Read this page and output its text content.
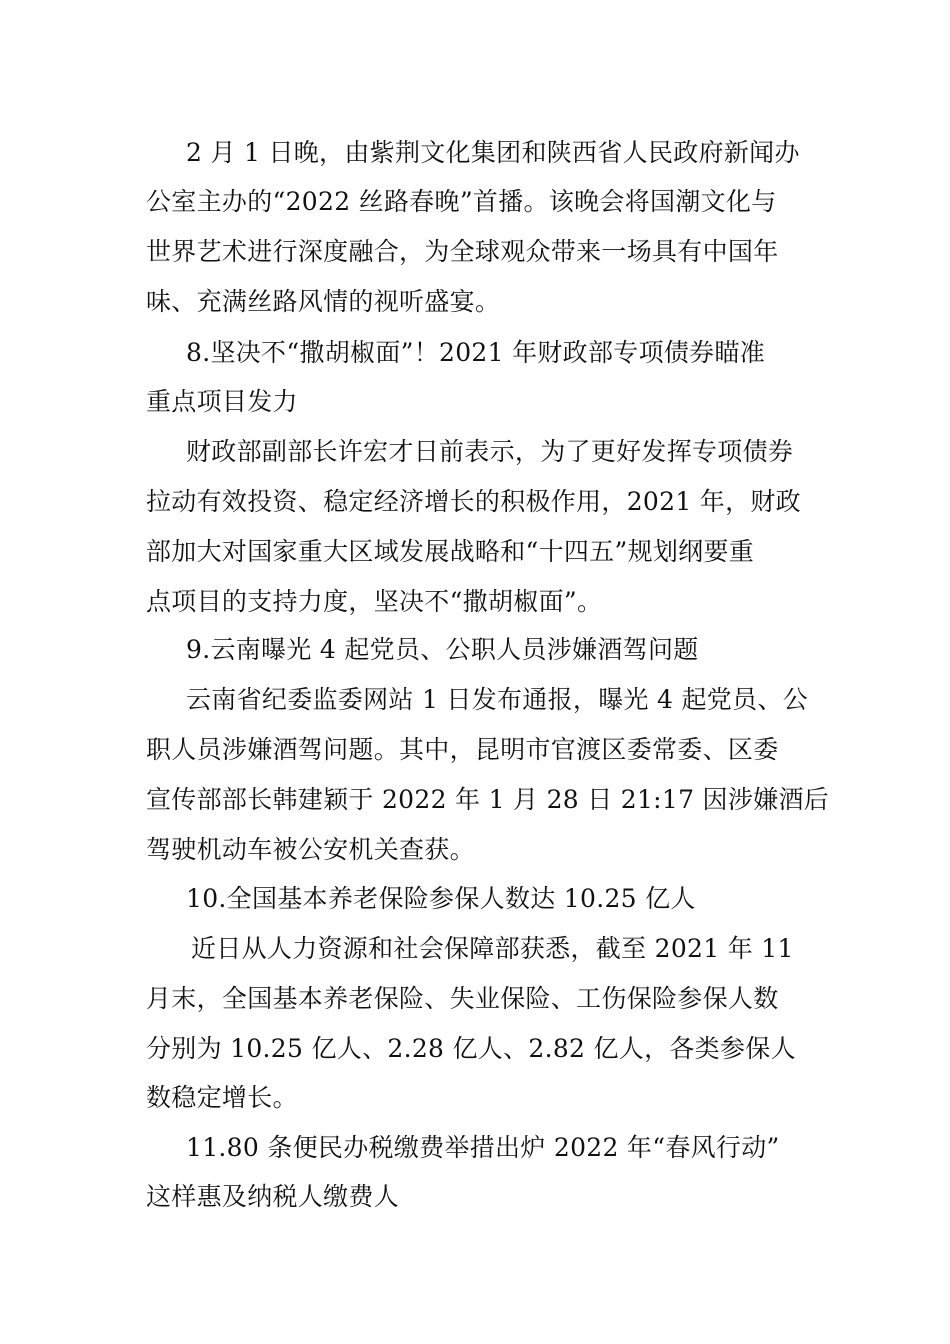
2 月 1 日晚，由紫荆文化集团和陕西省人民政府新闻办
公室主办的“2022 丝路春晚”首播。该晚会将国潮文化与
世界艺术进行深度融合，为全球观众带来一场具有中国年
味、充满丝路风情的视听盛宴。
8.坚决不“撒胡椒面”！2021 年财政部专项债券瞄准
重点项目发力
财政部副部长许宏才日前表示，为了更好发挥专项债券
拉动有效投资、稳定经济增长的积极作用，2021 年，财政
部加大对国家重大区域发展战略和“十四五”规划纲要重
点项目的支持力度，坚决不“撒胡椒面”。
9.云南曝光 4 起党员、公职人员涉嫌酒驾问题
云南省纪委监委网站 1 日发布通报，曝光 4 起党员、公
职人员涉嫌酒驾问题。其中，昆明市官渡区委常委、区委
宣传部部长韩建颖于 2022 年 1 月 28 日 21:17 因涉嫌酒后
驾驶机动车被公安机关查获。
10.全国基本养老保险参保人数达 10.25 亿人
近日从人力资源和社会保障部获悉，截至 2021 年 11
月末，全国基本养老保险、失业保险、工伤保险参保人数
分别为 10.25 亿人、2.28 亿人、2.82 亿人，各类参保人
数稳定增长。
11.80 条便民办税缴费举措出炉 2022 年“春风行动”
这样惠及纳税人缴费人
